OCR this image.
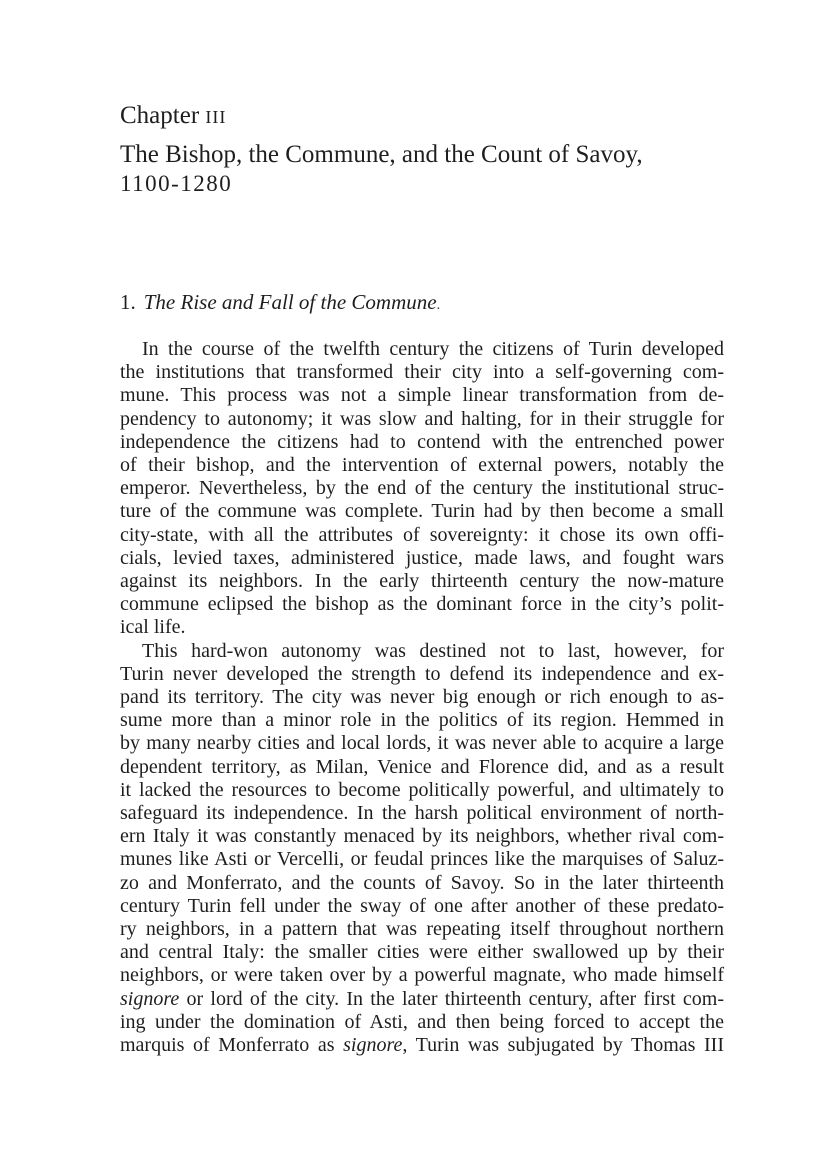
Chapter III
The Bishop, the Commune, and the Count of Savoy,
1100-1280
1. The Rise and Fall of the Commune.

In the course of the twelfth century the citizens of Turin developed
the institutions that transformed their city into a self-governing com-
mune. This process was not a simple linear transformation from de-
pendency to autonomy; it was slow and halting, for in their struggle for
independence the citizens had to contend with the entrenched power
of their bishop, and the intervention of external powers, notably the
emperor. Nevertheless, by the end of the century the institutional struc-
ture of the commune was complete. Turin had by then become a small
city-state, with all the attributes of sovereignty: it chose its own offi-
cials, levied taxes, administered justice, made laws, and fought wars
against its neighbors. In the early thirteenth century the now-mature
commune eclipsed the bishop as the dominant force in the city’s polit-
ical life.

This hard-won autonomy was destined not to last, however, for
Turin never developed the strength to defend its independence and ex-
pand its territory. The city was never big enough or rich enough to as-
sume more than a minor role in the politics of its region. Hemmed in
by many nearby cities and local lords, it was never able to acquire a large
dependent territory, as Milan, Venice and Florence did, and as a result
it lacked the resources to become politically powerful, and ultimately to
safeguard its independence. In the harsh political environment of north-
ern Italy it was constantly menaced by its neighbors, whether rival com-
munes like Asti or Vercelli, or feudal princes like the marquises of Saluz-
zo and Monferrato, and the counts of Savoy. So in the later thirteenth
century Turin fell under the sway of one after another of these predato-
ry neighbors, in a pattern that was repeating itself throughout northern
and central Italy: the smaller cities were either swallowed up by their
neighbors, or were taken over by a powerful magnate, who made himself
signore or lord of the city. In the later thirteenth century, after first com-
ing under the domination of Asti, and then being forced to accept the
marquis of Monferrato as signore, Turin was subjugated by Thomas III
